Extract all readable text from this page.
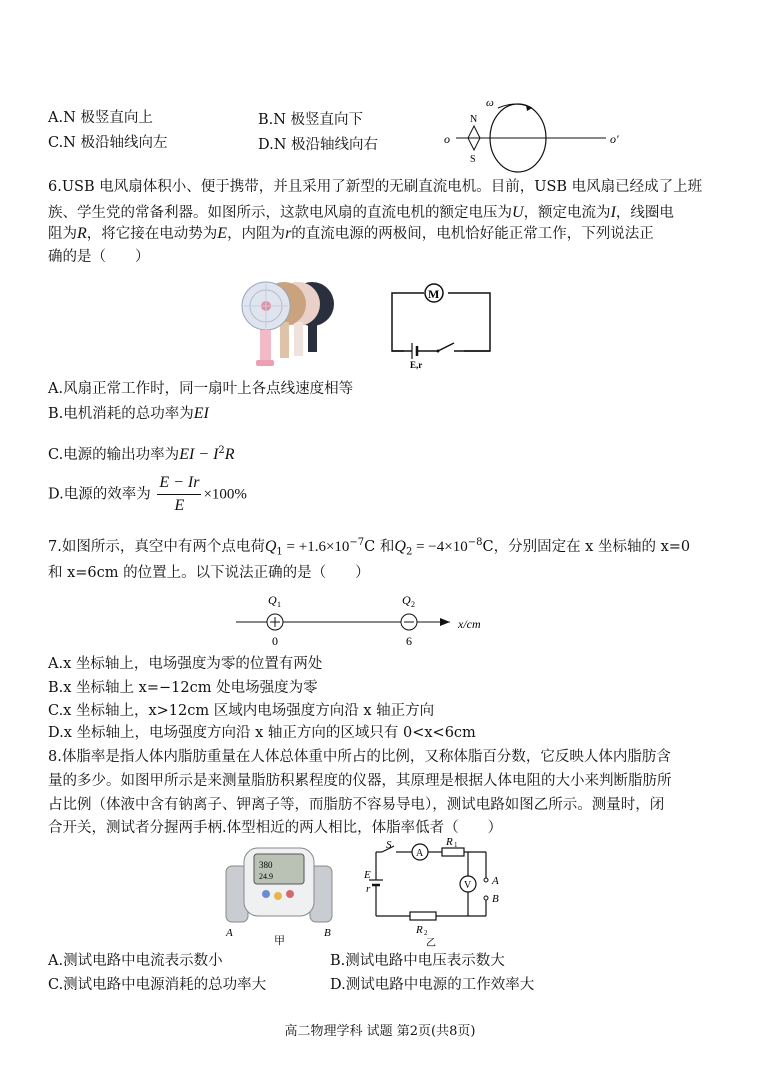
A.N 极竖直向上	B.N 极竖直向下
C.N 极沿轴线向左	D.N 极沿轴线向右
ω
N
S
o	o′
6.USB 电风扇体积小、便于携带，并且采用了新型的无刷直流电机。目前，USB 电风扇已经成了上班
族、学生党的常备利器。如图所示，这款电风扇的直流电机的额定电压为U，额定电流为I，线圈电
阻为R，将它接在电动势为E，内阻为r的直流电源的两极间，电机恰好能正常工作，下列说法正
确的是（　　）
M
E,r
A.风扇正常工作时，同一扇叶上各点线速度相等
B.电机消耗的总功率为EI
C.电源的输出功率为EI − $I^2R$
D.电源的效率为 $\frac{E - Ir}{E} \times 100\%$
7.如图所示，真空中有两个点电荷$Q_1 = +1.6\times 10^{-7}C$ 和$Q_2 = -4\times 10^{-8}C$，分别固定在 x 坐标轴的 x=0
和 x=6cm 的位置上。以下说法正确的是（　　）
Q 1	Q 2
0	6
x/cm
A.x 坐标轴上，电场强度为零的位置有两处
B.x 坐标轴上 x=−12cm 处电场强度为零
C.x 坐标轴上，x>12cm 区域内电场强度方向沿 x 轴正方向
D.x 坐标轴上，电场强度方向沿 x 轴正方向的区域只有 0<x<6cm
8.体脂率是指人体内脂肪重量在人体总体重中所占的比例，又称体脂百分数，它反映人体内脂肪含
量的多少。如图甲所示是来测量脂肪积累程度的仪器，其原理是根据人体电阻的大小来判断脂肪所
占比例（体液中含有钠离子、钾离子等，而脂肪不容易导电），测试电路如图乙所示。测量时，闭
合开关，测试者分握两手柄.体型相近的两人相比，体脂率低者（　　）
380
24.9
A	B
甲
A
V
S	R 1
E
r
A
B
R 2
乙
A.测试电路中电流表示数小	B.测试电路中电压表示数大
C.测试电路中电源消耗的总功率大	D.测试电路中电源的工作效率大
高二物理学科 试题 第2页(共8页)
